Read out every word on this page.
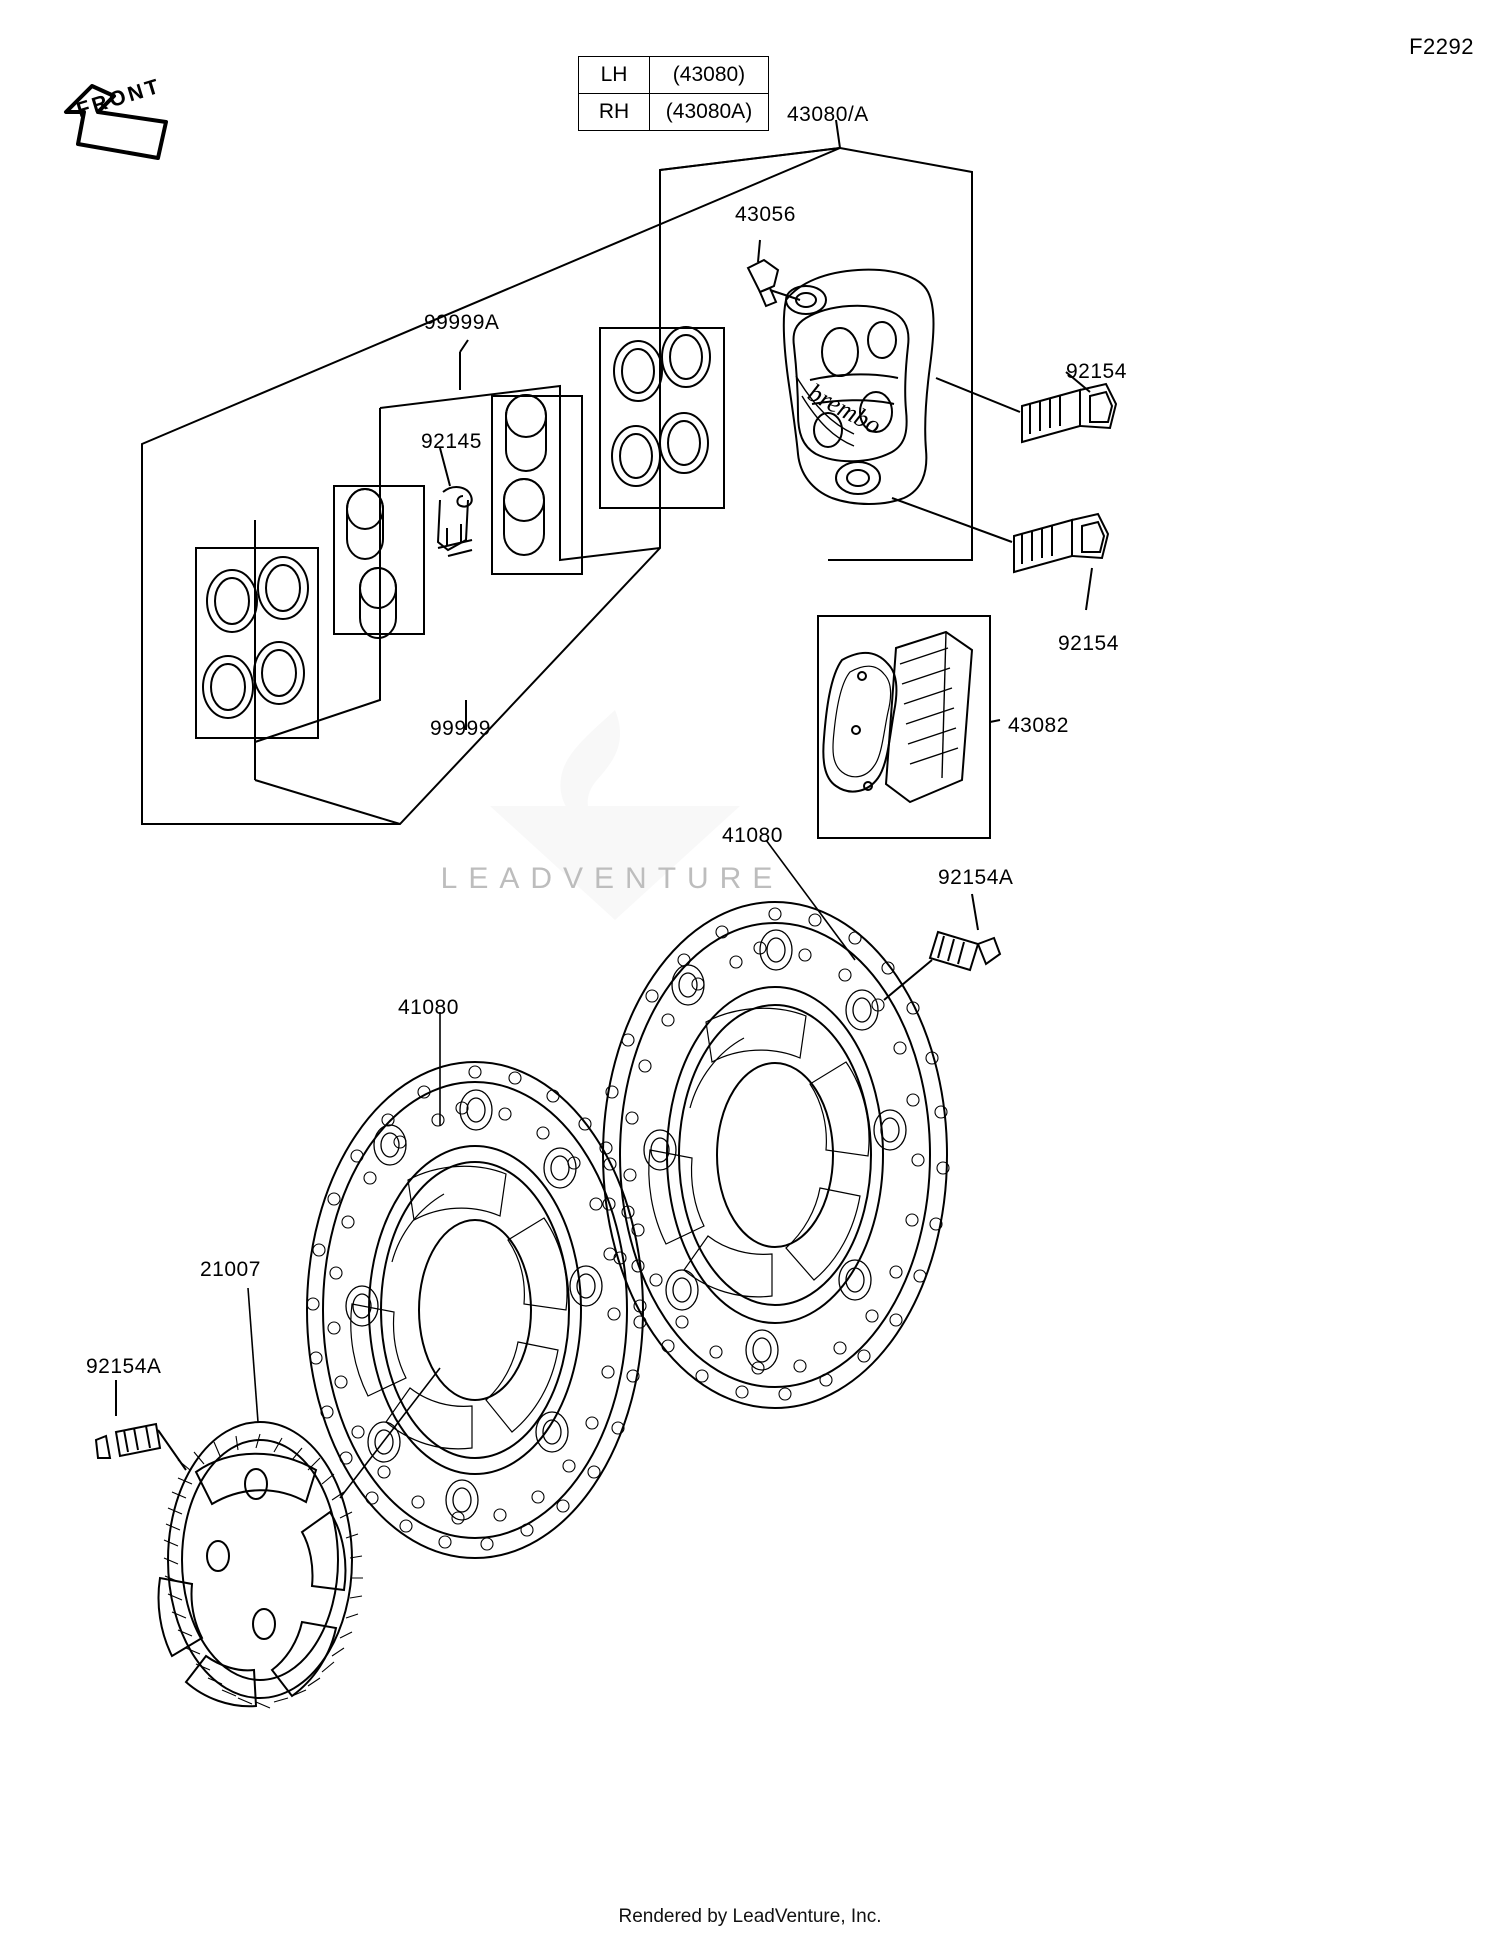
F2292
LH	(43080)
RH	(43080A)
FRONT
LEADVENTURE
brembo
43080/A
43056
92154
92154
99999A
92145
99999	43082
41080
92154A
41080
21007
92154A
Rendered by LeadVenture, Inc.
